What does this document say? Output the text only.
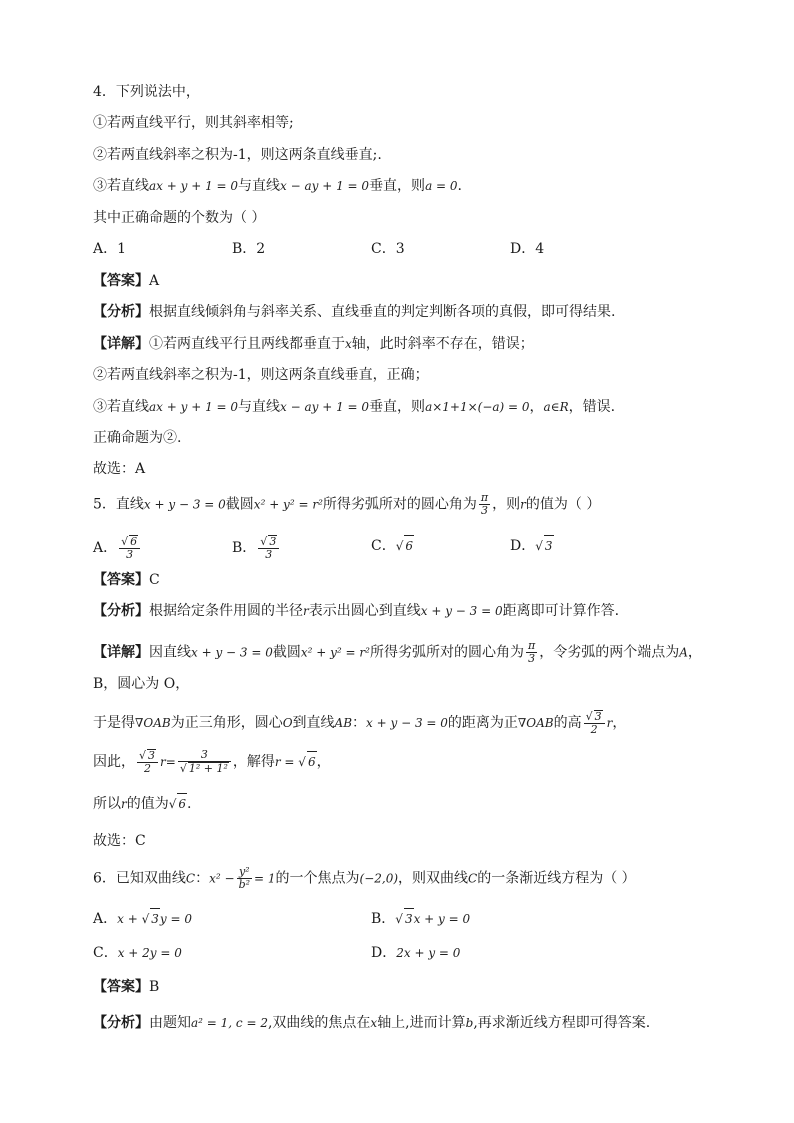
4．下列说法中，
①若两直线平行，则其斜率相等;
②若两直线斜率之积为-1，则这两条直线垂直;.
③若直线ax + y + 1 = 0与直线x − ay + 1 = 0垂直，则a = 0.
其中正确命题的个数为（ ）
A．1	B．2	C．3	D．4
【答案】A
【分析】根据直线倾斜角与斜率关系、直线垂直的判定判断各项的真假，即可得结果.
【详解】①若两直线平行且两线都垂直于x轴，此时斜率不存在，错误；
②若两直线斜率之积为-1，则这两条直线垂直，正确；
③若直线ax + y + 1 = 0与直线x − ay + 1 = 0垂直，则a×1+1×(−a) = 0，a∈R，错误.
正确命题为②.
故选：A
5．直线x + y − 3 = 0截圆x² + y² = r²所得劣弧所对的圆心角为 $\frac{\pi}{3}$ ，则r的值为（ ）
A． $\frac{√ 6}{3}$	B． $\frac{√ 3}{3}$	C．√ 6	D．√ 3
【答案】C
【分析】根据给定条件用圆的半径r表示出圆心到直线x + y − 3 = 0距离即可计算作答.
【详解】因直线x + y − 3 = 0截圆x² + y² = r²所得劣弧所对的圆心角为 $\frac{\pi}{3}$ ，令劣弧的两个端点为A，
B，圆心为 O，
于是得∇OAB为正三角形，圆心O到直线AB：x + y − 3 = 0的距离为正∇OAB的高 $\frac{√ 3}{2}$ r，
因此， $\frac{√ 3}{2} r= \frac{3}{\text{√ 1² + 1²}}$ ，解得r = √ 6，
所以r的值为√ 6.
故选：C
6．已知双曲线C：$x^2 - \frac{\text{y²}}{\text{b²}} = 1$的一个焦点为(−2,0)，则双曲线C的一条渐近线方程为（ ）
A．x + √ 3y = 0	B．√ 3x + y = 0
C．x + 2y = 0	D．2x + y = 0
【答案】B
【分析】由题知a² = 1, c = 2,双曲线的焦点在x轴上,进而计算b,再求渐近线方程即可得答案.
